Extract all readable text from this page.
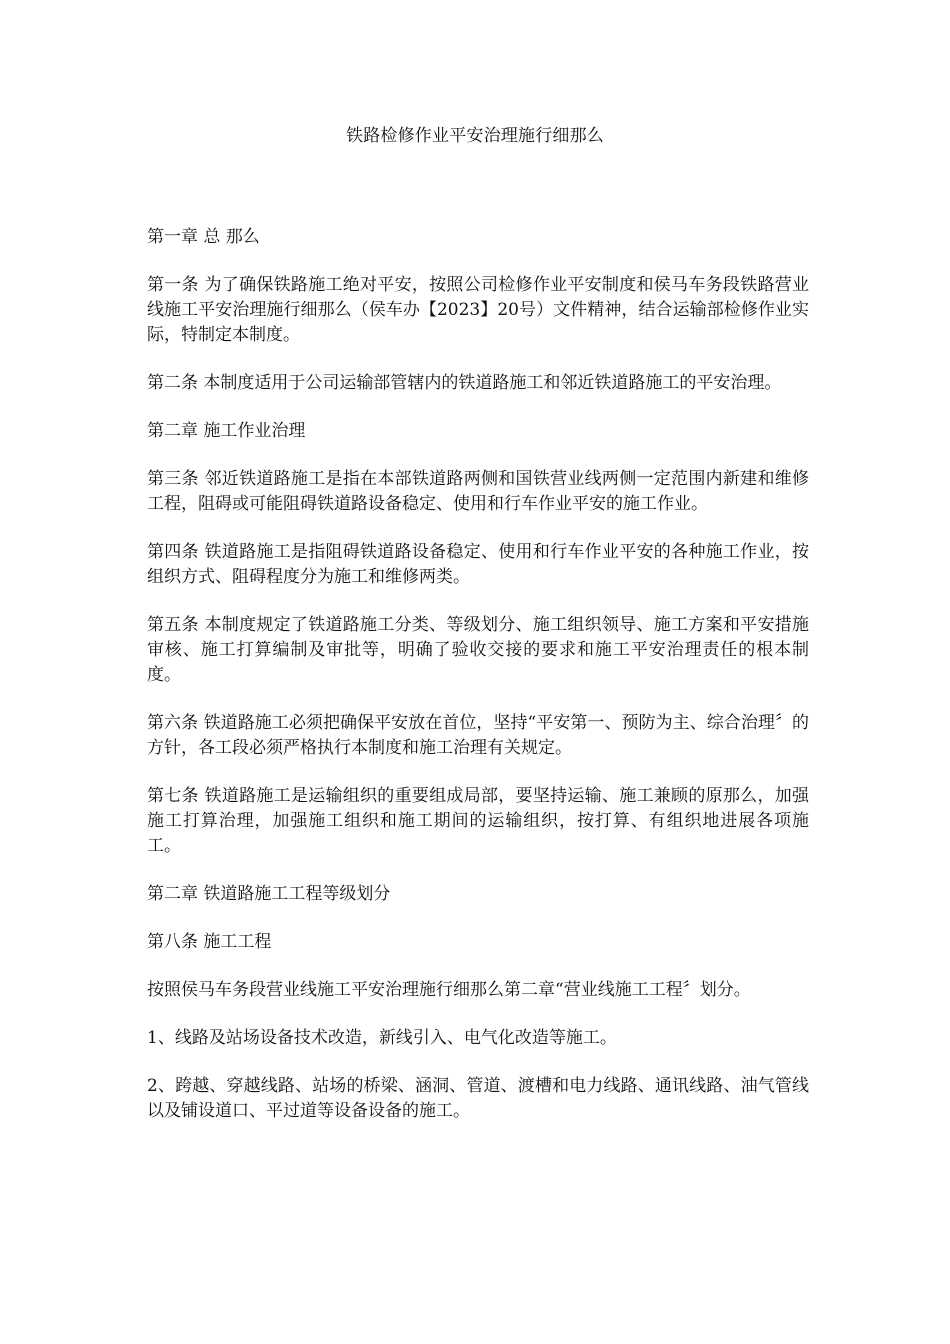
铁路检修作业平安治理施行细那么

第一章 总 那么

第一条 为了确保铁路施工绝对平安，按照公司检修作业平安制度和侯马车务段铁路营业线施工平安治理施行细那么（侯车办【2023】20号）文件精神，结合运输部检修作业实际，特制定本制度。

第二条 本制度适用于公司运输部管辖内的铁道路施工和邻近铁道路施工的平安治理。

第二章 施工作业治理

第三条 邻近铁道路施工是指在本部铁道路两侧和国铁营业线两侧一定范围内新建和维修工程，阻碍或可能阻碍铁道路设备稳定、使用和行车作业平安的施工作业。

第四条 铁道路施工是指阻碍铁道路设备稳定、使用和行车作业平安的各种施工作业，按组织方式、阻碍程度分为施工和维修两类。

第五条 本制度规定了铁道路施工分类、等级划分、施工组织领导、施工方案和平安措施审核、施工打算编制及审批等，明确了验收交接的要求和施工平安治理责任的根本制度。

第六条 铁道路施工必须把确保平安放在首位，坚持“平安第一、预防为主、综合治理〞的方针，各工段必须严格执行本制度和施工治理有关规定。

第七条 铁道路施工是运输组织的重要组成局部，要坚持运输、施工兼顾的原那么，加强施工打算治理，加强施工组织和施工期间的运输组织，按打算、有组织地进展各项施工。

第二章 铁道路施工工程等级划分

第八条 施工工程

按照侯马车务段营业线施工平安治理施行细那么第二章“营业线施工工程〞划分。

1、线路及站场设备技术改造，新线引入、电气化改造等施工。

2、跨越、穿越线路、站场的桥梁、涵洞、管道、渡槽和电力线路、通讯线路、油气管线以及铺设道口、平过道等设备设备的施工。
